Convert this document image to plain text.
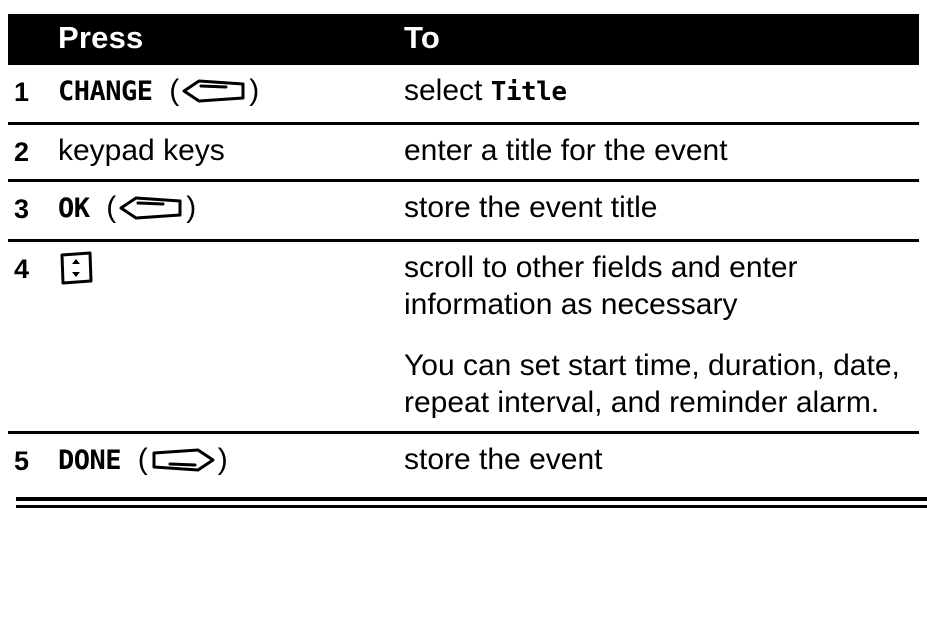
	Press	To
1	CHANGE  ( )	select Title
2	keypad keys	enter a title for the event
3	OK  ( )	store the event title
4		scroll to other fields and enter information as necessary

You can set start time, duration, date, repeat interval, and reminder alarm.

5	DONE  ( )	store the event
